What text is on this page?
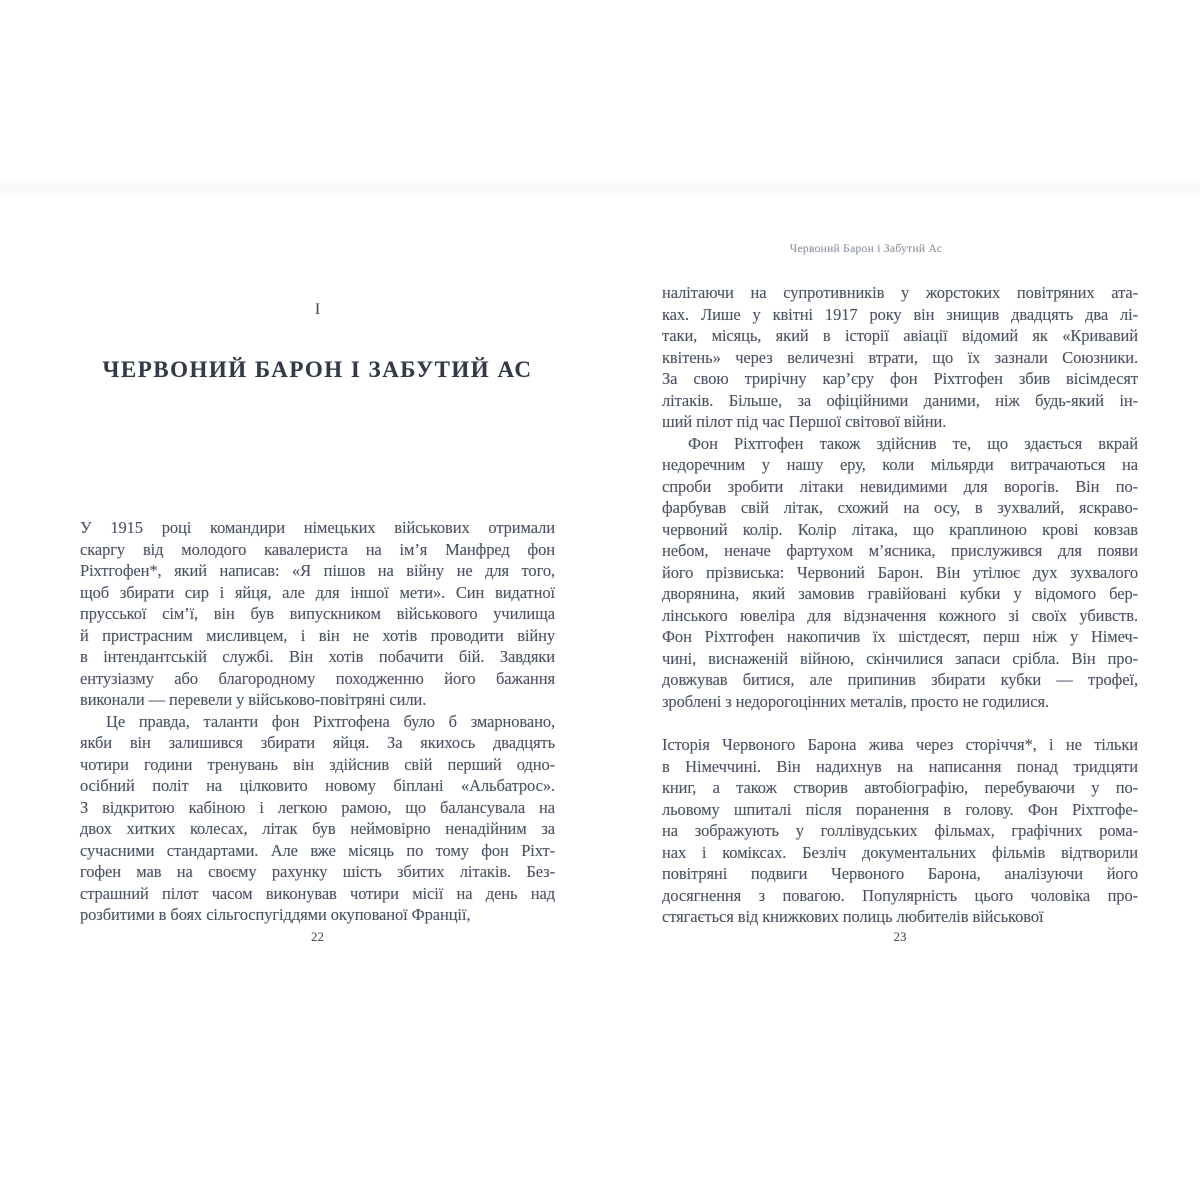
I
ЧЕРВОНИЙ БАРОН І ЗАБУТИЙ АС
У 1915 році командири німецьких військових отримали
скаргу від молодого кавалериста на ім’я Манфред фон
Ріхтгофен*, який написав: «Я пішов на війну не для того,
щоб збирати сир і яйця, але для іншої мети». Син видатної
прусської сім’ї, він був випускником військового училища
й пристрасним мисливцем, і він не хотів проводити війну
в інтендантській службі. Він хотів побачити бій. Завдяки
ентузіазму або благородному походженню його бажання
виконали — перевели у військово-повітряні сили.
Це правда, таланти фон Ріхтгофена було б змарновано,
якби він залишився збирати яйця. За якихось двадцять
чотири години тренувань він здійснив свій перший одно-
осібний політ на цілковито новому біплані «Альбатрос».
З відкритою кабіною і легкою рамою, що балансувала на
двох хитких колесах, літак був неймовірно ненадійним за
сучасними стандартами. Але вже місяць по тому фон Ріхт-
гофен мав на своєму рахунку шість збитих літаків. Без-
страшний пілот часом виконував чотири місії на день над
розбитими в боях сільгоспугіддями окупованої Франції,
22
Червоний Барон і Забутий Ас
налітаючи на супротивників у жорстоких повітряних ата-
ках. Лише у квітні 1917 року він знищив двадцять два лі-
таки, місяць, який в історії авіації відомий як «Кривавий
квітень» через величезні втрати, що їх зазнали Союзники.
За свою трирічну кар’єру фон Ріхтгофен збив вісімдесят
літаків. Більше, за офіційними даними, ніж будь-який ін-
ший пілот під час Першої світової війни.
Фон Ріхтгофен також здійснив те, що здається вкрай
недоречним у нашу еру, коли мільярди витрачаються на
спроби зробити літаки невидимими для ворогів. Він по-
фарбував свій літак, схожий на осу, в зухвалий, яскраво-
червоний колір. Колір літака, що краплиною крові ковзав
небом, неначе фартухом м’ясника, прислужився для появи
його прізвиська: Червоний Барон. Він утілює дух зухвалого
дворянина, який замовив гравійовані кубки у відомого бер-
лінського ювеліра для відзначення кожного зі своїх убивств.
Фон Ріхтгофен накопичив їх шістдесят, перш ніж у Німеч-
чині, виснаженій війною, скінчилися запаси срібла. Він про-
довжував битися, але припинив збирати кубки — трофеї,
зроблені з недорогоцінних металів, просто не годилися.
Історія Червоного Барона жива через сторіччя*, і не тільки
в Німеччині. Він надихнув на написання понад тридцяти
книг, а також створив автобіографію, перебуваючи у по-
льовому шпиталі після поранення в голову. Фон Ріхтгофе-
на зображують у голлівудських фільмах, графічних рома-
нах і коміксах. Безліч документальних фільмів відтворили
повітряні подвиги Червоного Барона, аналізуючи його
досягнення з повагою. Популярність цього чоловіка про-
стягається від книжкових полиць любителів військової
23
